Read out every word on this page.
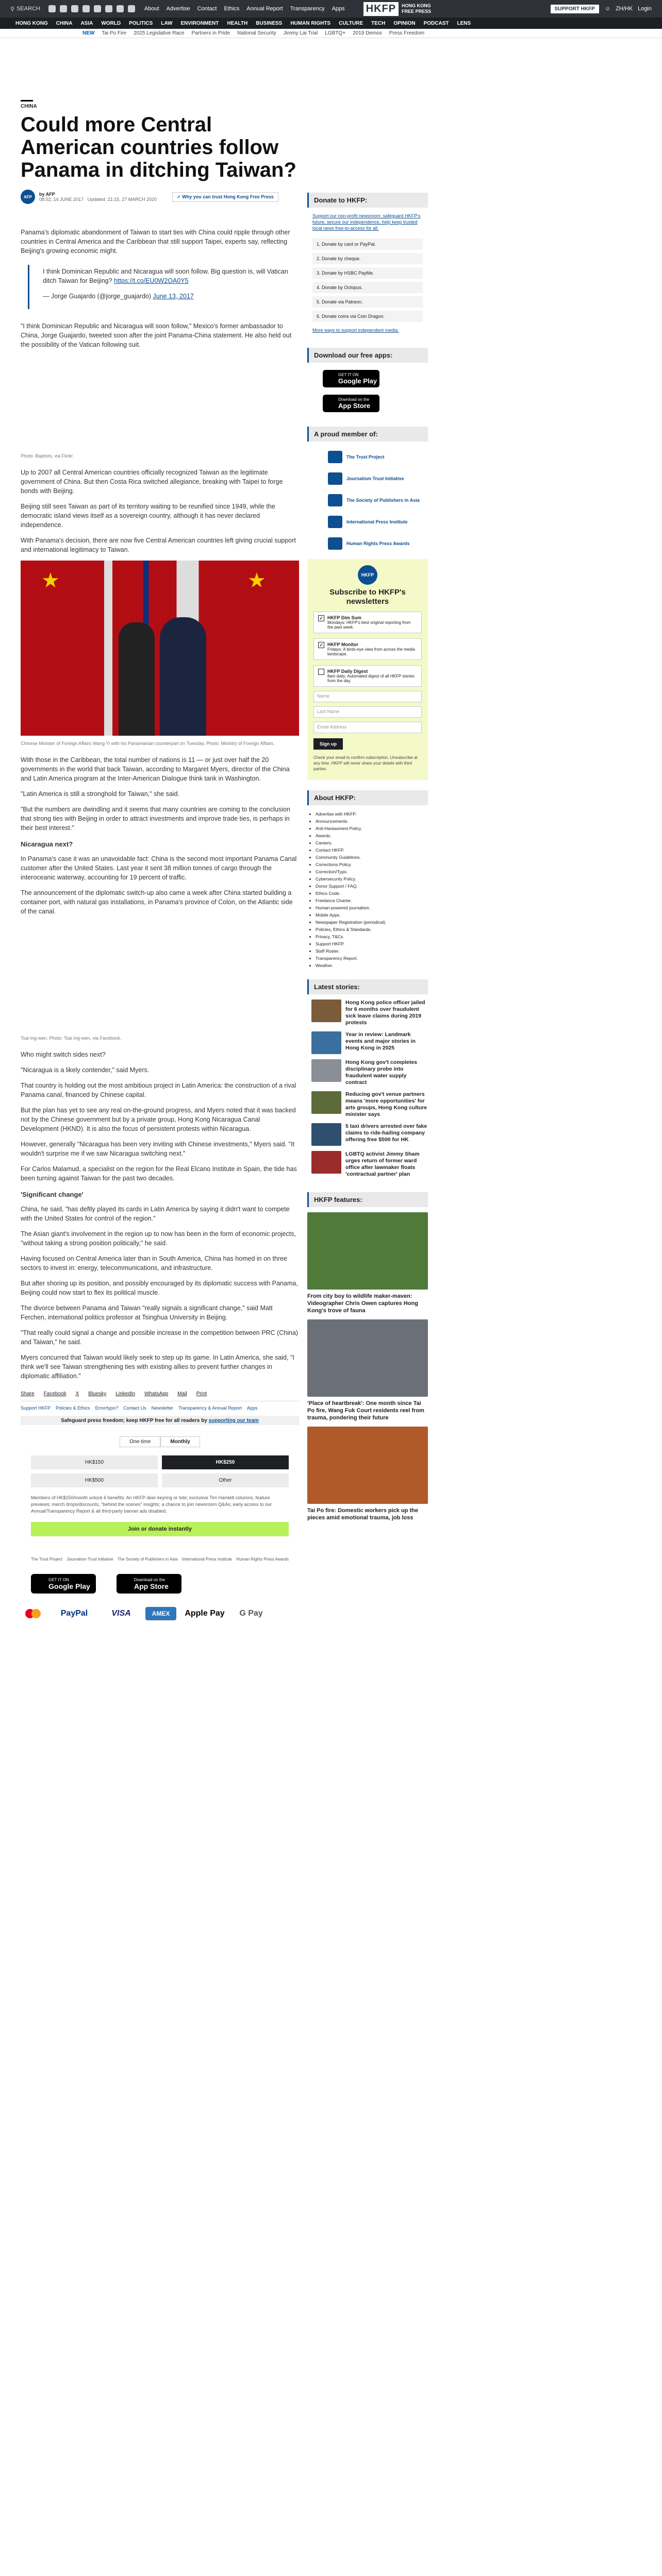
⚲ SEARCH	About Advertise Contact Ethics Annual Report Transparency Apps HKFP	HONG KONG
FREE PRESS	SUPPORT HKFP	☺ ZH/HK Login
HONG KONG CHINA ASIA WORLD POLITICS LAW ENVIRONMENT HEALTH BUSINESS HUMAN RIGHTS CULTURE TECH OPINION PODCAST LENS
NEW Tai Po Fire 2025 Legislative Race Partners in Pride National Security Jimmy Lai Trial LGBTQ+ 2019 Demos Press Freedom
CHINA
Could more Central American countries follow Panama in ditching Taiwan?
AFP	by AFP
08:02, 14 JUNE 2017 Updated: 21:15, 27 MARCH 2020
✓ Why you can trust Hong Kong Free Press

Panama's diplomatic abandonment of Taiwan to start ties with China could ripple through other countries in Central America and the Caribbean that still support Taipei, experts say, reflecting Beijing's growing economic might.

I think Dominican Republic and Nicaragua will soon follow. Big question is, will Vatican ditch Taiwan for Beijing? https://t.co/EU0W2OA0Y5

— Jorge Guajardo (@jorge_guajardo) June 13, 2017

"I think Dominican Republic and Nicaragua will soon follow," Mexico's former ambassador to China, Jorge Guajardo, tweeted soon after the joint Panama-China statement. He also held out the possibility of the Vatican following suit.

Photo: Baptists, via Flickr.

Up to 2007 all Central American countries officially recognized Taiwan as the legitimate government of China. But then Costa Rica switched allegiance, breaking with Taipei to forge bonds with Beijing.

Beijing still sees Taiwan as part of its territory waiting to be reunified since 1949, while the democratic island views itself as a sovereign country, although it has never declared independence.

With Panama's decision, there are now five Central American countries left giving crucial support and international legitimacy to Taiwan.

★	★
Chinese Minister of Foreign Affairs Wang Yi with his Panamanian counterpart on Tuesday. Photo: Ministry of Foreign Affairs.

With those in the Caribbean, the total number of nations is 11 — or just over half the 20 governments in the world that back Taiwan, according to Margaret Myers, director of the China and Latin America program at the Inter-American Dialogue think tank in Washington.

"Latin America is still a stronghold for Taiwan," she said.

"But the numbers are dwindling and it seems that many countries are coming to the conclusion that strong ties with Beijing in order to attract investments and improve trade ties, is perhaps in their best interest."

Nicaragua next?

In Panama's case it was an unavoidable fact: China is the second most important Panama Canal customer after the United States. Last year it sent 38 million tonnes of cargo through the interoceanic waterway, accounting for 19 percent of traffic.

The announcement of the diplomatic switch-up also came a week after China started building a container port, with natural gas installations, in Panama's province of Colon, on the Atlantic side of the canal.

Tsai Ing-wen. Photo: Tsai Ing-wen, via Facebook.

Who might switch sides next?

"Nicaragua is a likely contender," said Myers.

That country is holding out the most ambitious project in Latin America: the construction of a rival Panama canal, financed by Chinese capital.

But the plan has yet to see any real on-the-ground progress, and Myers noted that it was backed not by the Chinese government but by a private group, Hong Kong Nicaragua Canal Development (HKND). It is also the focus of persistent protests within Nicaragua.

However, generally "Nicaragua has been very inviting with Chinese investments," Myers said. "It wouldn't surprise me if we saw Nicaragua switching next."

For Carlos Malamud, a specialist on the region for the Real Elcano Institute in Spain, the tide has been turning against Taiwan for the past two decades.

'Significant change'

China, he said, "has deftly played its cards in Latin America by saying it didn't want to compete with the United States for control of the region."

The Asian giant's involvement in the region up to now has been in the form of economic projects, "without taking a strong position politically," he said.

Having focused on Central America later than in South America, China has homed in on three sectors to invest in: energy, telecommunications, and infrastructure.

But after shoring up its position, and possibly encouraged by its diplomatic success with Panama, Beijing could now start to flex its political muscle.

The divorce between Panama and Taiwan "really signals a significant change," said Matt Ferchen, international politics professor at Tsinghua University in Beijing.

"That really could signal a change and possible increase in the competition between PRC (China) and Taiwan," he said.

Myers concurred that Taiwan would likely seek to step up its game. In Latin America, she said, "I think we'll see Taiwan strengthening ties with existing allies to prevent further changes in diplomatic affiliation."

Share Facebook X Bluesky LinkedIn WhatsApp Mail Print
Support HKFP Policies & Ethics Error/typo? Contact Us Newsletter Transparency & Annual Report Apps
Safeguard press freedom; keep HKFP free for all readers by
supporting our team
One-time	Monthly
HK$150	HK$250
HK$500	Other
Members of HK$150/month unlock 6 benefits: An HKFP deer keyring or tote; exclusive Tim Hamlett columns, feature previews; merch drops/discounts, "behind the scenes" insights; a chance to join newsroom Q&As; early access to our Annual/Transparency Report & all third-party banner ads disabled.
Join or donate instantly
The Trust Project Journalism Trust Initiative The Society of Publishers in Asia International Press Institute Human Rights Press Awards
GET IT ON
Google Play
Download on the
App Store
PayPal	VISA	AMEX	Apple Pay	G Pay
Donate to HKFP:
Support our non-profit newsroom: safeguard HKFP's future, secure our independence, help keep trusted local news free-to-access for all.
1. Donate by card or PayPal.
2. Donate by cheque.
3. Donate by HSBC PayMe.
4. Donate by Octopus.
5. Donate via Patreon.
6. Donate coins via Coin Dragon.
More ways to support independent media.
Download our free apps:
GET IT ON
Google Play
Download on the
App Store
A proud member of:
The Trust Project
Journalism Trust Initiative
The Society of Publishers in Asia
International Press Institute
Human Rights Press Awards
HKFP
Subscribe to HKFP's newsletters
✓ HKFP Dim Sum
Mondays: HKFP's best original reporting from the past week.
✓ HKFP Monitor
Fridays: A birds-eye view from across the media landscape.
HKFP Daily Digest
8am daily: Automated digest of all HKFP stories from the day.
Name
Last Name
Email Address
Sign up
Check your email to confirm subscription. Unsubscribe at any time. HKFP will never share your details with third parties.
About HKFP:
• Advertise with HKFP.
• Announcements.
• Anti-Harassment Policy.
• Awards.
• Careers.
• Contact HKFP.
• Community Guidelines.
• Corrections Policy.
• Correction/Typo.
• Cybersecurity Policy.
• Donor Support / FAQ.
• Ethics Code.
• Freelance Charter.
• Human-powered journalism.
• Mobile Apps.
• Newspaper Registration (periodical).
• Policies, Ethics & Standards.
• Privacy, T&Cs.
• Support HKFP.
• Staff Roster.
• Transparency Report.
• Weather.
Latest stories:
Hong Kong police officer jailed for 6 months over fraudulent sick leave claims during 2019 protests
Year in review: Landmark events and major stories in Hong Kong in 2025
Hong Kong gov't completes disciplinary probe into fraudulent water supply contract
Reducing gov't venue partners means 'more opportunities' for arts groups, Hong Kong culture minister says
5 taxi drivers arrested over fake claims to ride-hailing company offering free $500 for HK
LGBTQ activist Jimmy Sham urges return of former ward office after lawmaker floats 'contractual partner' plan
HKFP features:
From city boy to wildlife maker-maven: Videographer Chris Owen captures Hong Kong's trove of fauna
'Place of heartbreak': One month since Tai Po fire, Wang Fuk Court residents reel from trauma, pondering their future
Tai Po fire: Domestic workers pick up the pieces amid emotional trauma, job loss
